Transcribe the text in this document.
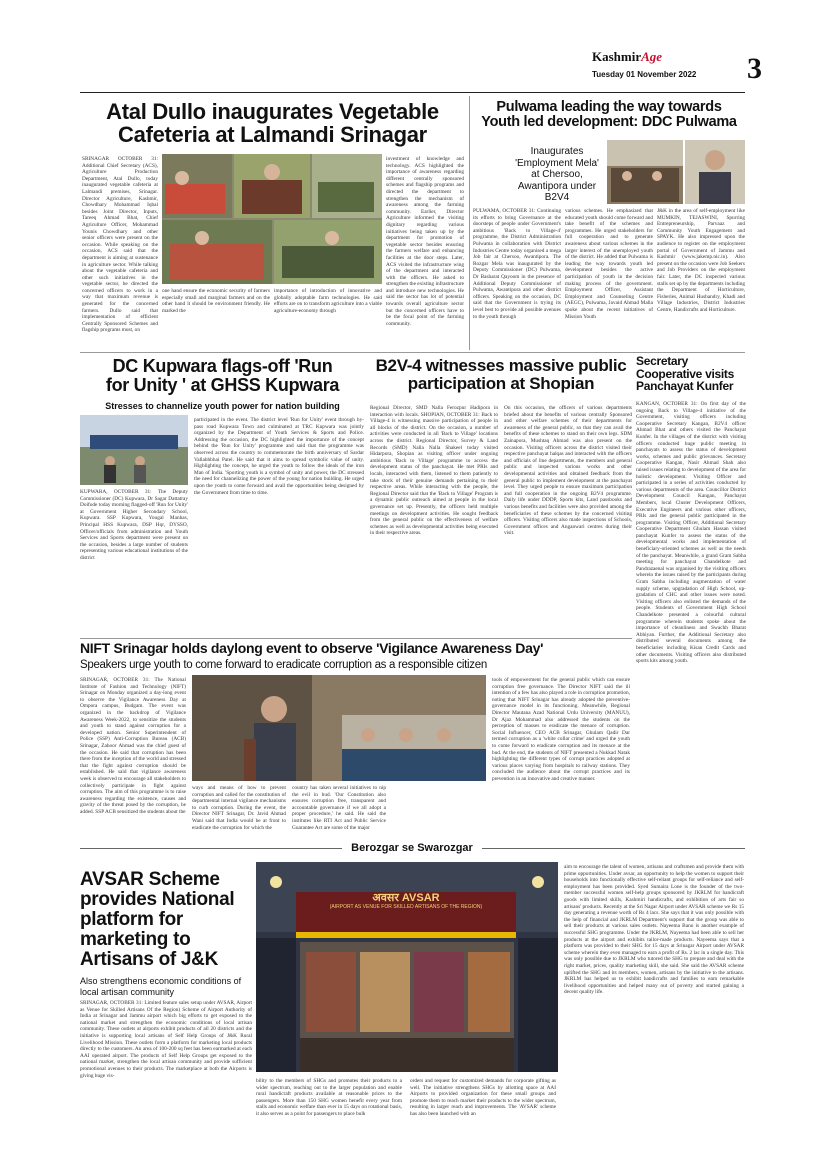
KashmirAge
Tuesday 01 November 2022 3
Atal Dullo inaugurates Vegetable
Cafeteria at Lalmandi Srinagar
SRINAGAR OCTOBER 31: Additional Chief Secretary (ACS), Agriculture Production Department, Atal Dullo, today inaugurated vegetable cafeteria at Lalmandi premises, Srinagar. Director Agriculture, Kashmir, Chowdhary Mohammad Iqbal besides Joint Director, Inputs, Tareeq Ahmad Bhat, Chief Agriculture Officer, Mohammad Younis Chowdhary and other senior officers were present on the occasion. While speaking on the occasion, ACS said that the department is aiming at sustenance in agriculture sector. While talking about the vegetable cafeteria and other such initiatives in the vegetable sector, he directed the concerned officers to work in a way that maximum revenue is generated for the concerned farmers. Dullo said that implementation of efficient Centrally Sponsored Schemes and flagship programs must, on
one hand ensure the economic security of farmers especially small and marginal farmers and on the other hand it should be environment friendly. He marked the
importance of introduction of innovative and globally adoptable farm technologies. He said efforts are on to transform agriculture into a viable agriculture-economy through
investment of knowledge and technology. ACS highlighted the importance of awareness regarding different centrally sponsored schemes and flagship programs and directed the department to strengthen the mechanism of awareness among the farming community. Earlier, Director Agriculture informed the visiting dignitary regarding various initiatives being taken up by the department for promotion of vegetable sector besides ensuring the farmers welfare and enhancing facilities at the door steps. Later, ACS visited the infrastructure wing of the department and interacted with the officers. He asked to strengthen the existing infrastructure and introduce new technologies. He said the sector has lot of potential towards overall agriculture sector but the concerned officers have to be the focal point of the farming community.
Pulwama leading the way towards
Youth led development: DDC Pulwama
Inaugurates 'Employment Mela' at Chersoo, Awantipora under B2V4
PULWAMA, OCTOBER 31: Continuing its efforts to bring Governance at the doorsteps of people under Government's ambitious 'Back to Village-4' programme, the District Administration Pulwama in collaboration with District Industries Centre today organised a mega Job fair at Chersoo, Awantipora. The Rozgar Mela was inaugurated by the Deputy Commissioner (DC) Pulwama, Dr Basharat Qayoom in the presence of Additional Deputy Commissioner of Pulwama, Awantipora and other district officers. Speaking on the occasion, DC said that the Government is trying its level best to provide all possible avenues to the youth through
various schemes. He emphasized that educated youth should come forward and take benefit of the schemes and programmes. He urged stakeholders for full cooperation and to generate awareness about various schemes in the larger interest of the unemployed youth of the district. He added that Pulwama is leading the way towards youth led development besides the active participation of youth in the decision making process of the government. Employment Officer, Assistant Employment and Counseling Centre (AEGC), Pulwama, Javaid Ahmad Malla spoke about the recent initiatives of Mission Youth
J&K in the area of self-employment like MUMKIN, TEJASWINI, Spurring Entrepreneurship, Parvaaz and Community Youth Engagement and SPAYK. He also impressed upon the audience to register on the employment portal of Government of Jammu and Kashmir (www.jakemp.nic.in). Also present on the occasion were Job Seekers and Job Providers on the employment fair. Later, the DC inspected various stalls set up by the departments including the Department of Horticulture, Fisheries, Animal Husbandry, Khadi and Village Industries, District Industries Centre, Handicrafts and Horticulture.
DC Kupwara flags-off 'Run
for Unity ' at GHSS Kupwara
Stresses to channelize youth power for nation building
KUPWARA, OCTOBER 31: The Deputy Commissioner (DC) Kupwara, Dr Sagar Dattatray Doifode today morning flagged-off 'Run for Unity' at Government Higher Secondary School, Kupwara. SSP Kupwara, Yougal Manhas, Principal HSS Kupwara, DSP Hqr, DYSSO, Officer/officials from administration and Youth Services and Sports department were present on the occasion, besides a large number of students representing various educational institutions of the district
participated in the event. The district level 'Run for Unity' event through by-pass road Kupwara Town and culminated at TRC Kupwara was jointly organized by the Department of Youth Services & Sports and Police. Addressing the occasion, the DC highlighted the importance of the concept behind the 'Run for Unity' programme and said that the programme was observed across the country to commemorate the birth anniversary of Sardar Vallabhbhai Patel. He said that it aims to spread symbolic value of unity. Highlighting the concept, he urged the youth to follow the ideals of the iron Man of India. 'Sporting youth is a symbol of unity and power, the DC stressed the need for channelizing the power of the young for nation building. He urged upon the youth to come forward and avail the opportunities being designed by the Government from time to time.
B2V-4 witnesses massive public
participation at Shopian
Regional Director, SMD Nalla Ferozpur Hadipora in interaction with locals. SHOPIAN, OCTOBER 31: Back to Village-4 is witnessing massive participation of people in all blocks of the district. On the occasion, a number of activities were conducted in all 'Back to Village' locations across the district. Regional Director, Survey & Land Records (SMD) Nalla Nalla Shakeel today visited Hidarpora, Shopian as visiting officer under ongoing ambitious 'Back to Village' programme to access the development status of the panchayat. He met PRIs and locals, interacted with them, listened to them patiently to take stock of their genuine demands pertaining to their respective areas. While interacting with the people, the Regional Director said that the 'Back to Village' Program is a dynamic public outreach aimed at people in the local governance set up. Presently, the officers held multiple meetings on development activities. He sought feedback from the general public on the effectiveness of welfare schemes as well as developmental activities being executed in their respective areas.
On this occasion, the officers of various departments briefed about the benefits of various centrally Sponsored and other welfare schemes of their departments for awareness of the general public, so that they can avail the benefits of these schemes to stand on their own legs. SDM Zainapora, Mushtaq Ahmad was also present on the occasion. Visiting officers across the district visited their respective panchayat halqas and interacted with the officers and officials of line departments, the members and general public and inspected various works and other developmental activities and obtained feedback from the general public to implement development at the panchayat level. They urged people to ensure maximum participation and full cooperation in the ongoing B2V4 programme. Daily life under DDDP, Sports kits, Land passbooks and various benefits and facilities were also provided among the beneficiaries of these schemes by the concerned visiting officers. Visiting officers also made inspections of Schools, Government offices and Anganwari centres during their visit.
Secretary
Cooperative visits
Panchayat Kunfer
KANGAN, OCTOBER 31: On first day of the ongoing Back to Village-4 initiative of the Government, visiting officers including Cooperative Secretary Kangan, B2V4 officer Ahmad Bhat and others visited the Panchayat Kunfer. In the villages of the district with visiting officers conducted huge public meeting in panchayats to assess the status of development works, schemes and public grievances. Secretary Cooperative Kangan, Nasir Ahmad Shah also raised issues relating to development of the area for holistic development. Visiting Officer and participated in a series of activities conducted by various departments of the area. Councillor District Development Council Kangan, Panchayat Members, local Cluster Development Officers, Executive Engineers and various other officers, PRIs and the general public participated in the programme. Visiting Officer, Additional Secretary Cooperative Department Ghulam Hassan visited panchayat Kunfer to assess the status of the developmental works and implementation of beneficiary-oriented schemes as well as the needs of the panchayat. Meanwhile, a grand Gram Sabha meeting for panchayat Chandelkote and Pandrazaenal was organised by the visiting officers wherein the issues raised by the participants during Gram Sabha including augmentation of water supply scheme, upgradation of High School, up-gradation of CHC and other issues were noted. Visiting officers also enlisted the demands of the people. Students of Government High School Chandelkote presented a colourful cultural programme wherein students spoke about the importance of cleanliness and Swachh Bharat Abhiyan. Further, the Additional Secretary also distributed several documents among the beneficiaries including Kisan Credit Cards and other documents. Visiting officers also distributed sports kits among youth.
NIFT Srinagar holds daylong event to observe 'Vigilance Awareness Day'
Speakers urge youth to come forward to eradicate corruption as a responsible citizen
SRINAGAR, OCTOBER 31: The National Institute of Fashion and Technology (NIFT) Srinagar on Monday organized a day-long event to observe the Vigilance Awareness Day at Ompora campus, Budgam. The event was organized in the backdrop of Vigilance Awareness Week-2022, to sensitize the students and youth to stand against corruption for a developed nation. Senior Superintendent of Police (SSP) Anti-Corruption Bureau (ACB) Srinagar, Zahoor Ahmad was the chief guest of the occasion. He said that corruption has been there from the inception of the world and stressed that the fight against corruption should be established. He said that vigilance awareness week is observed to encourage all stakeholders to collectively participate in fight against corruption. The aim of this programme is to raise awareness regarding the existence, causes and gravity of the threat posed by the corruption, he added. SSP ACB sensitized the students about the
ways and means of how to prevent corruption and called for the constitution of departmental internal vigilance mechanisms to curb corruption. During the event, the Director NIFT Srinagar, Dr. Javid Ahmad Wani said that India would be at front to eradicate the corruption for which the
country has taken several initiatives to nip the evil in bud. 'Our Constitution also ensures corruption free, transparent and accountable governance if we all adopt a proper procedure,' he said. He said the institutes like RTI Act and Public Service Guarantee Act are some of the major
tools of empowerment for the general public which can ensure corruption free governance. The Director NIFT said the ill intention of a few has also played a role in corruption promotion, noting that NIFT Srinagar has already adopted the preventive-governance model in its functioning. Meanwhile, Regional Director Mautana Azad National Urdu University (MANUU), Dr Ajaz Mohammad also addressed the students on the perception of masses to eradicate the menace of corruption. Social Influencer, CEO ACB Srinagar, Ghulam Qadir Dar termed corruption as a 'white collar crime' and urged the youth to come forward to eradicate corruption and its menace at the bud. At the end, the students of NIFT presented a Nukkad Natak highlighting the different types of corrupt practices adopted at various places varying from hospitals to railway stations. They concluded the audience about the corrupt practices and its prevention in an innovative and creative manner.
Berozgar se Swarozgar
AVSAR Scheme
provides National
platform for
marketing to
Artisans of J&K
Also strengthens economic conditions of local artisan community
SRINAGAR, OCTOBER 31: Limited feature sales setup under AVSAR, Airport as Venue for Skilled Artisans Of the Region) Scheme of Airport Authority of India at Srinagar and Jammu airport which big efforts to get exposed to the national market and strengthen the economic conditions of local artisan community. These outlets at airports exhibit products of all 20 districts and the initiative is supporting local artisans of Self Help Groups of J&K Rural Livelihood Mission. These outlets form a platform for marketing local products directly to the customers. An area of 100-200 sq feet has been earmarked at each AAI operated airport. The products of Self Help Groups get exposed to the national market, strengthen the local artisan community and provide sufficient promotional avenues to their products. The marketplace at both the Airports is giving huge vis-
अवसर AVSAR
(AIRPORT AS VENUE FOR SKILLED ARTISANS OF THE REGION)
bility to the members of SHGs and promotes their products to a wider spectrum, reaching out to the larger population and enable rural handicraft products available at reasonable prices to the passengers. More than 150 SHG women benefit every year from stalls and economic welfare than ever in 15 days on rotational basis, it also serves as a point for passengers to place bulk
orders and request for customized demands for corporate gifting as well. The initiative strengthens SHGs by allotting space at AAI Airports to provided organization for these small groups and promote them to reach market their products to the wider spectrum, resulting in larger reach and improvements. The 'AVSAR' scheme has also been launched with an
aim to encourage the talent of women, artisans and craftsmen and provide them with prime opportunities. Under avsar, an opportunity to help the women to support their households into functionally effective self-reliant groups for self-reliance and self-employment has been provided. Syed Sumaira Lone is the founder of the two-member successful women self-help groups sponsored by JKRLM for handicraft goods with limited skills, Kashmiri handicrafts, and exhibition of arts fair so artisans' products. Recently at the Sri Nagar Airport under AVSAR scheme we Rs 15 day generating a revenue worth of Rs 4 lacs. She says that it was only possible with the help of financial and JKRLM Department's support that the group was able to sell their products at various sales outlets. Nayeema Bano is another example of successful SHG programme. Under the JKRLM, Nayeema had been able to sell her products at the airport and exhibits tailor-made products. Nayeema says that a platform was provided to their SHG for 15 days at Srinagar Airport under AVSAR scheme wherein they even managed to earn a profit of Rs. 2 lac in a single day. This was only possible due to JKRLM who tutored the SHG to prepare and deal with the right market, prices, quality marketing skill, she said. She said the AVSAR scheme uplifted the SHG and its members, women, artisans by the initiative to the artisans. JKRLM has helped us to exhibit handicrafts and families to earn remarkable livelihood opportunities and helped many out of poverty and started gaining a decent quality life.
